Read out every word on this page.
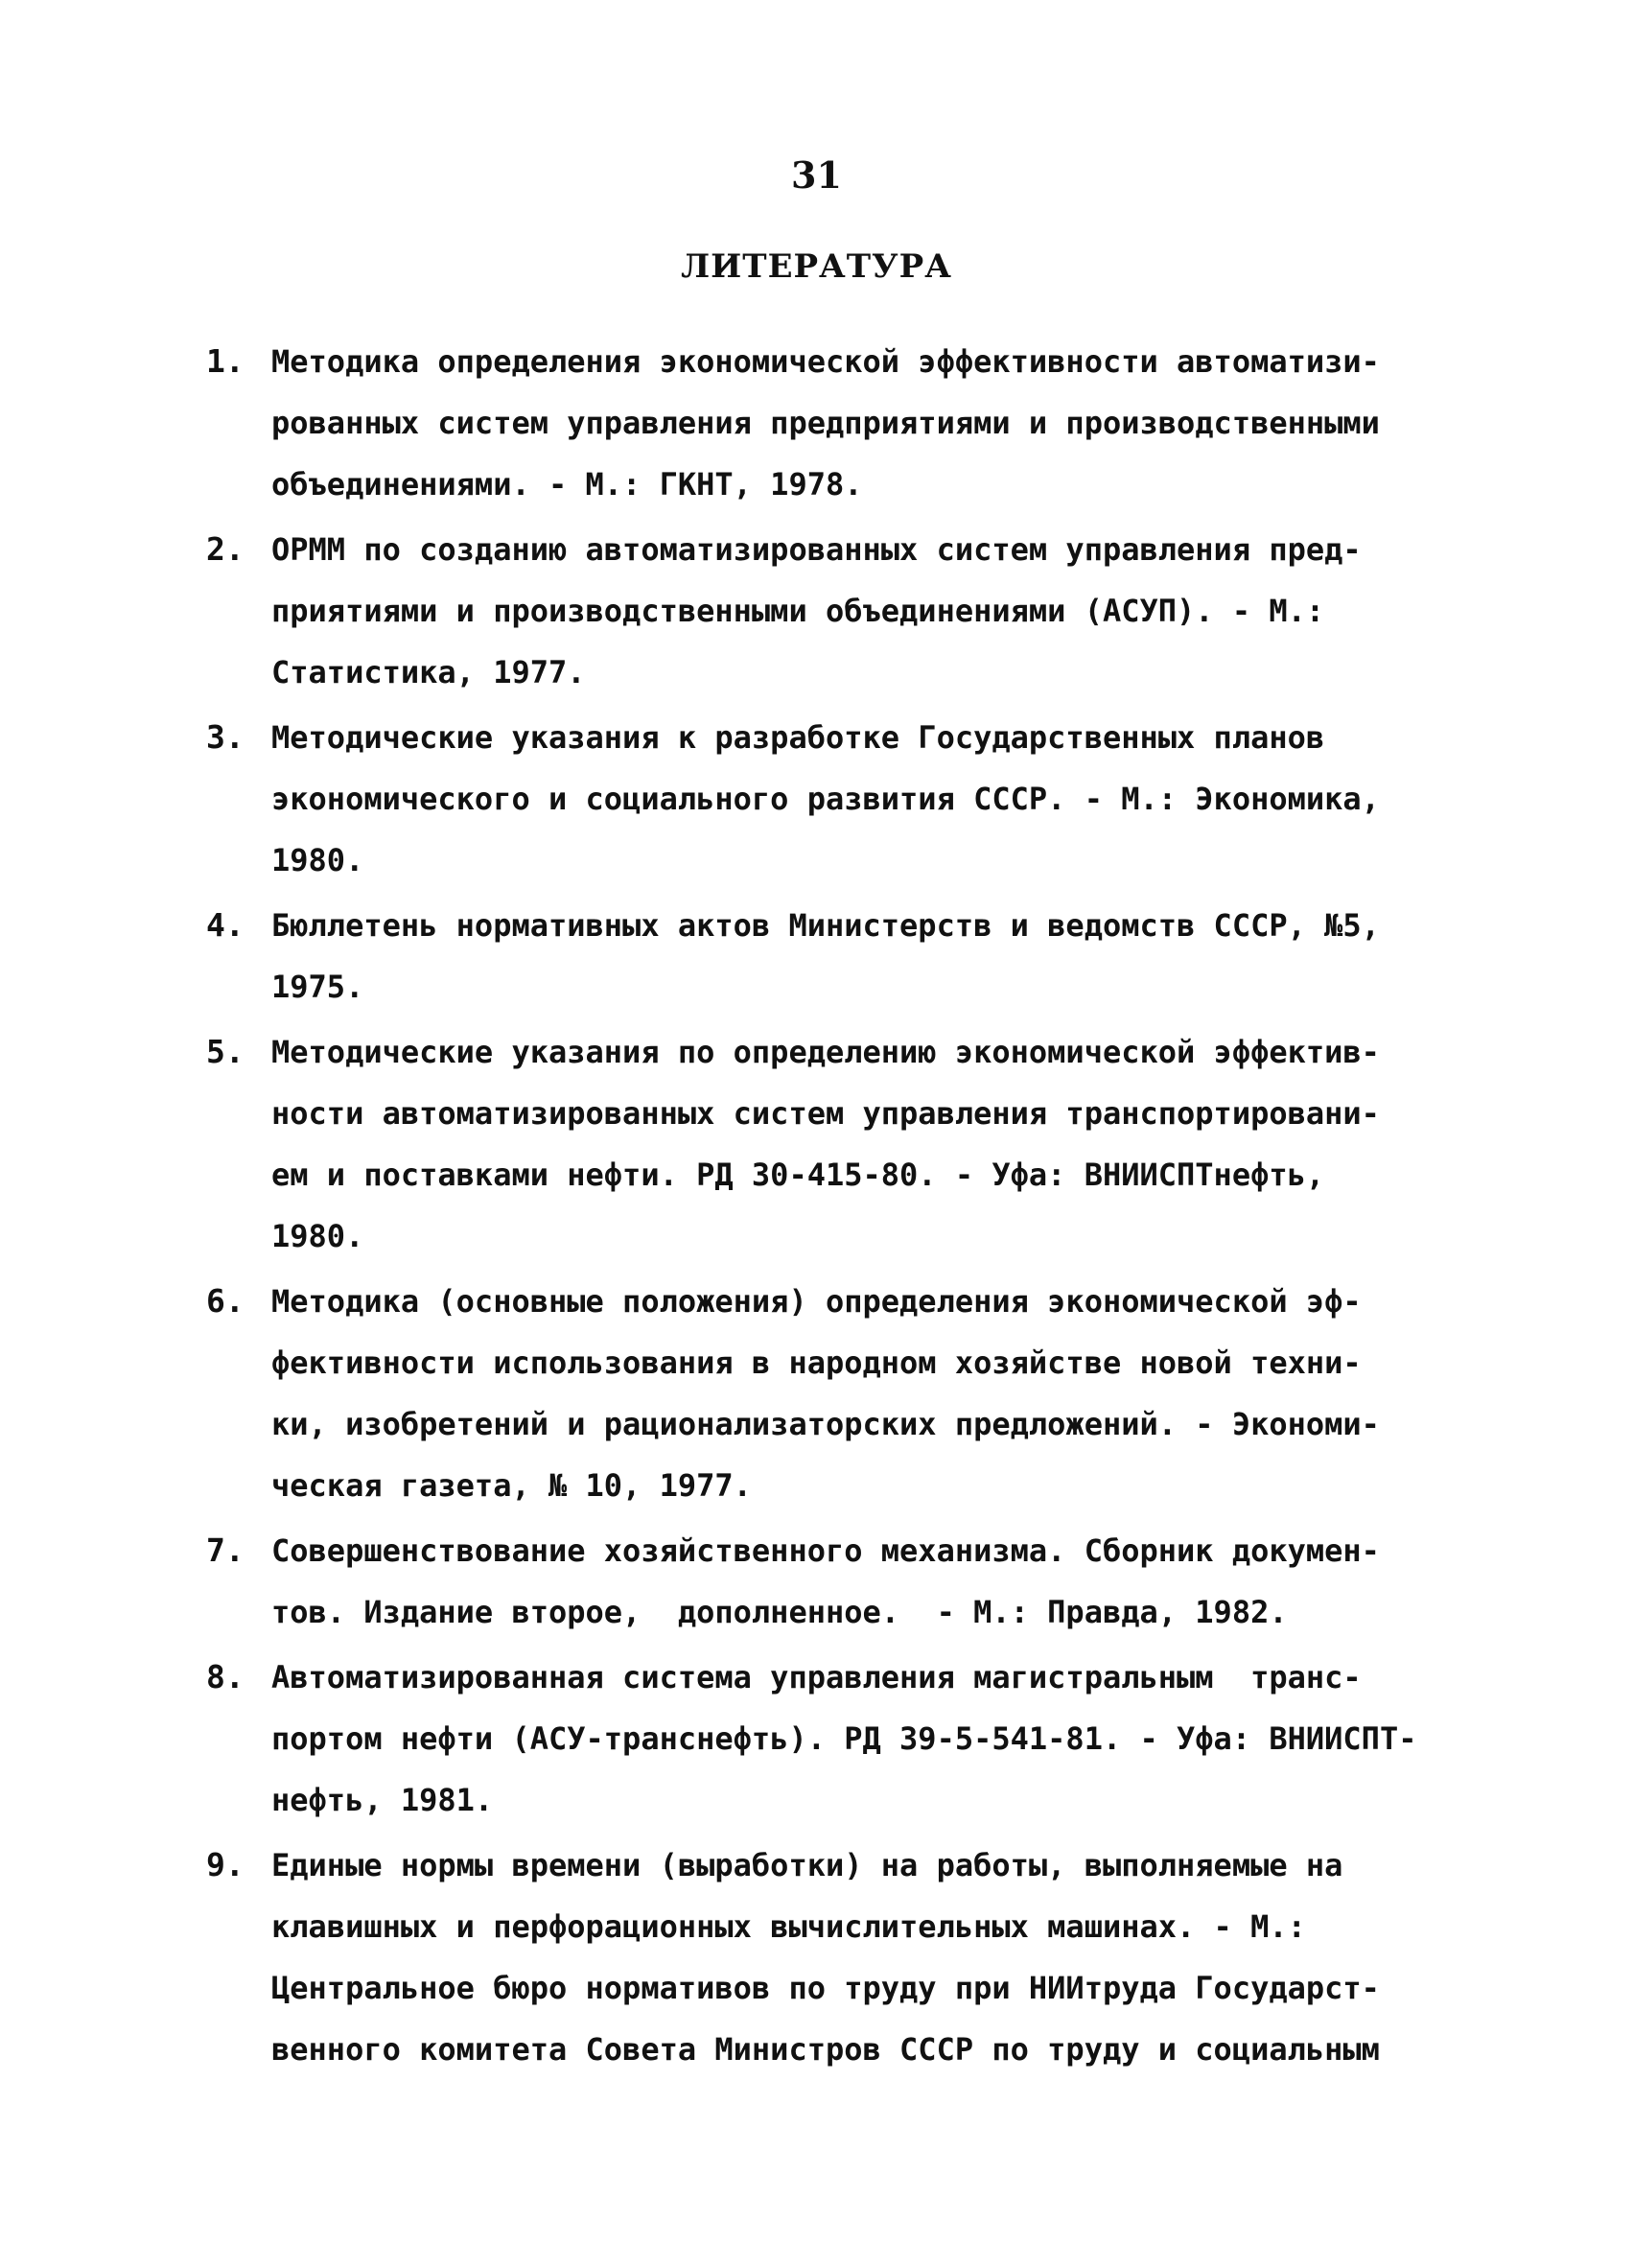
31
ЛИТЕРАТУРА
1. Методика определения экономической эффективности автоматизи-
рованных систем управления предприятиями и производственными
объединениями. - М.: ГКНТ, 1978.
2. ОРММ по созданию автоматизированных систем управления пред-
приятиями и производственными объединениями (АСУП). - М.:
Статистика, 1977.
3. Методические указания к разработке Государственных планов
экономического и социального развития СССР. - М.: Экономика,
1980.
4. Бюллетень нормативных актов Министерств и ведомств СССР, №5,
1975.
5. Методические указания по определению экономической эффектив-
ности автоматизированных систем управления транспортировани-
ем и поставками нефти. РД 30-415-80. - Уфа: ВНИИСПТнефть,
1980.
6. Методика (основные положения) определения экономической эф-
фективности использования в народном хозяйстве новой техни-
ки, изобретений и рационализаторских предложений. - Экономи-
ческая газета, № 10, 1977.
7. Совершенствование хозяйственного механизма. Сборник докумен-
тов. Издание второе,  дополненное.  - М.: Правда, 1982.
8. Автоматизированная система управления магистральным  транс-
портом нефти (АСУ-транснефть). РД 39-5-541-81. - Уфа: ВНИИСПТ-
нефть, 1981.
9. Единые нормы времени (выработки) на работы, выполняемые на
клавишных и перфорационных вычислительных машинах. - М.:
Центральное бюро нормативов по труду при НИИтруда Государст-
венного комитета Совета Министров СССР по труду и социальным
